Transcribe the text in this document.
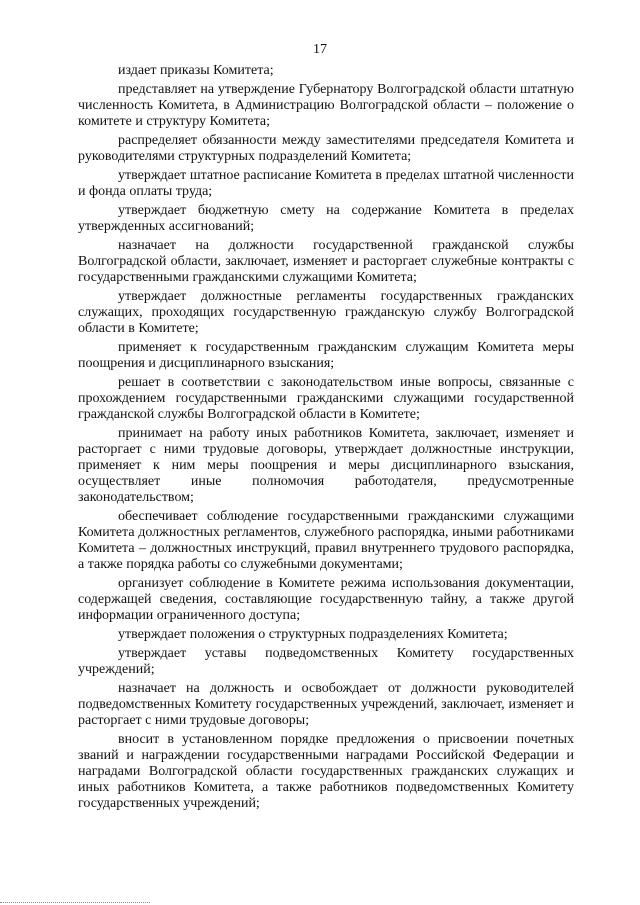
17

издает приказы Комитета;

представляет на утверждение Губернатору Волгоградской области штатную численность Комитета, в Администрацию Волгоградской области – положение о комитете и структуру Комитета;

распределяет обязанности между заместителями председателя Комитета и руководителями структурных подразделений Комитета;

утверждает штатное расписание Комитета в пределах штатной численности и фонда оплаты труда;

утверждает бюджетную смету на содержание Комитета в пределах утвержденных ассигнований;

назначает на должности государственной гражданской службы Волгоградской области, заключает, изменяет и расторгает служебные контракты с государственными гражданскими служащими Комитета;

утверждает должностные регламенты государственных гражданских служащих, проходящих государственную гражданскую службу Волгоградской области в Комитете;

применяет к государственным гражданским служащим Комитета меры поощрения и дисциплинарного взыскания;

решает в соответствии с законодательством иные вопросы, связанные с прохождением государственными гражданскими служащими государственной гражданской службы Волгоградской области в Комитете;

принимает на работу иных работников Комитета, заключает, изменяет и расторгает с ними трудовые договоры, утверждает должностные инструкции, применяет к ним меры поощрения и меры дисциплинарного взыскания, осуществляет иные полномочия работодателя, предусмотренные законодательством;

обеспечивает соблюдение государственными гражданскими служащими Комитета должностных регламентов, служебного распорядка, иными работниками Комитета – должностных инструкций, правил внутреннего трудового распорядка, а также порядка работы со служебными документами;

организует соблюдение в Комитете режима использования документации, содержащей сведения, составляющие государственную тайну, а также другой информации ограниченного доступа;

утверждает положения о структурных подразделениях Комитета;

утверждает уставы подведомственных Комитету государственных учреждений;

назначает на должность и освобождает от должности руководителей подведомственных Комитету государственных учреждений, заключает, изменяет и расторгает с ними трудовые договоры;

вносит в установленном порядке предложения о присвоении почетных званий и награждении государственными наградами Российской Федерации и наградами Волгоградской области государственных гражданских служащих и иных работников Комитета, а также работников подведомственных Комитету государственных учреждений;
